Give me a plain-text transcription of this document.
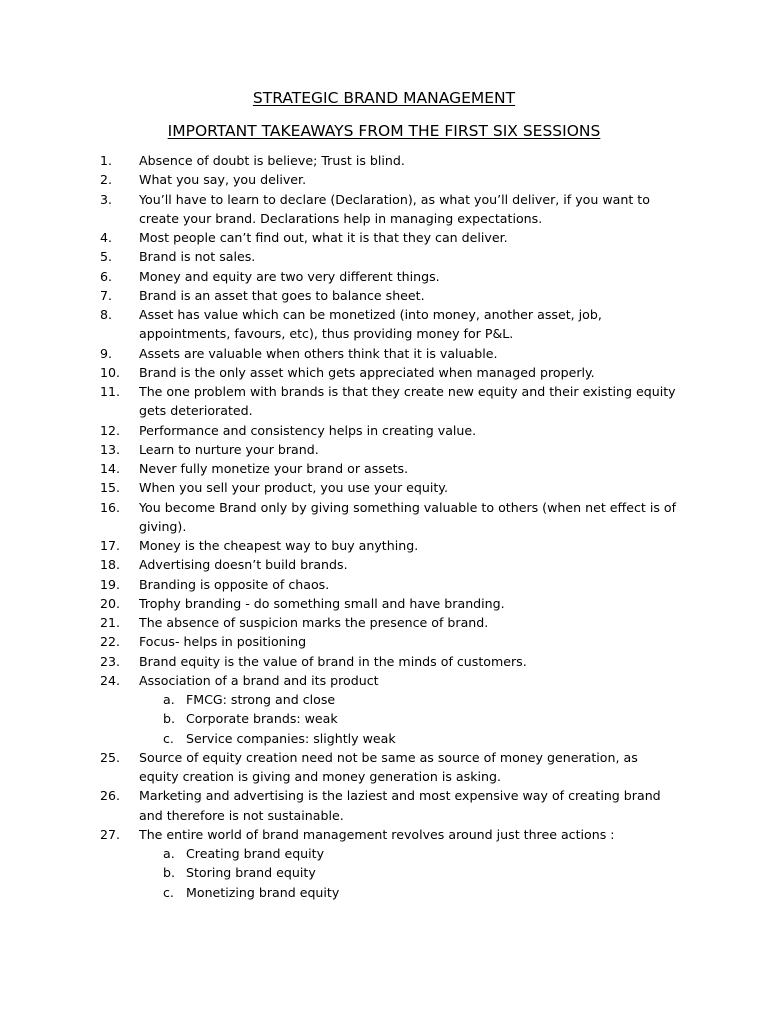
STRATEGIC BRAND MANAGEMENT
IMPORTANT TAKEAWAYS FROM THE FIRST SIX SESSIONS
1.	Absence of doubt is believe; Trust is blind.
2.	What you say, you deliver.
3.	You’ll have to learn to declare (Declaration), as what you’ll deliver, if you want to
create your brand. Declarations help in managing expectations.
4.	Most people can’t find out, what it is that they can deliver.
5.	Brand is not sales.
6.	Money and equity are two very different things.
7.	Brand is an asset that goes to balance sheet.
8.	Asset has value which can be monetized (into money, another asset, job,
appointments, favours, etc), thus providing money for P&L.
9.	Assets are valuable when others think that it is valuable.
10.	Brand is the only asset which gets appreciated when managed properly.
11.	The one problem with brands is that they create new equity and their existing equity
gets deteriorated.
12.	Performance and consistency helps in creating value.
13.	Learn to nurture your brand.
14.	Never fully monetize your brand or assets.
15.	When you sell your product, you use your equity.
16.	You become Brand only by giving something valuable to others (when net effect is of
giving).
17.	Money is the cheapest way to buy anything.
18.	Advertising doesn’t build brands.
19.	Branding is opposite of chaos.
20.	Trophy branding - do something small and have branding.
21.	The absence of suspicion marks the presence of brand.
22.	Focus- helps in positioning
23.	Brand equity is the value of brand in the minds of customers.
24.	Association of a brand and its product
a. FMCG: strong and close
b. Corporate brands: weak
c. Service companies: slightly weak
25.	Source of equity creation need not be same as source of money generation, as
equity creation is giving and money generation is asking.
26.	Marketing and advertising is the laziest and most expensive way of creating brand
and therefore is not sustainable.
27.	The entire world of brand management revolves around just three actions :
a. Creating brand equity
b. Storing brand equity
c. Monetizing brand equity
